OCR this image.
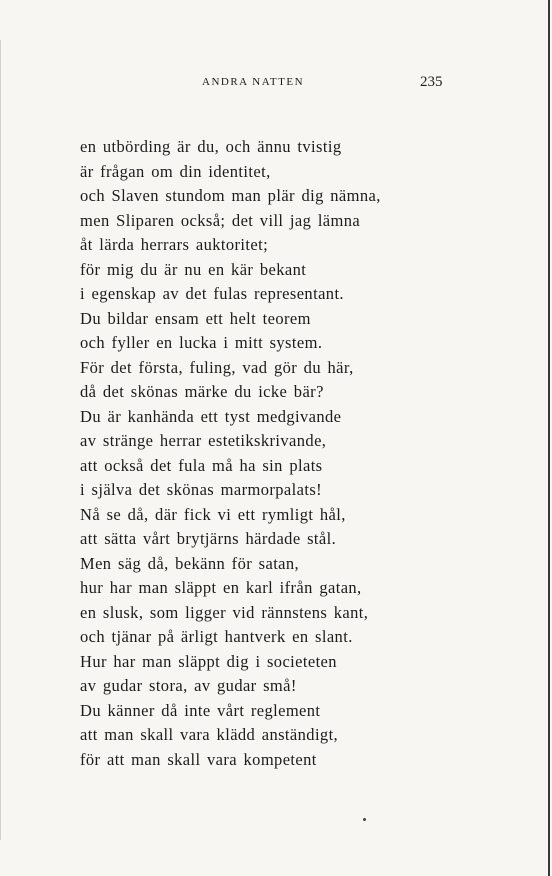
ANDRA NATTEN	235
en utbörding är du, och ännu tvistig
är frågan om din identitet,
och Slaven stundom man plär dig nämna,
men Sliparen också; det vill jag lämna
åt lärda herrars auktoritet;
för mig du är nu en kär bekant
i egenskap av det fulas representant.
Du bildar ensam ett helt teorem
och fyller en lucka i mitt system.
För det första, fuling, vad gör du här,
då det skönas märke du icke bär?
Du är kanhända ett tyst medgivande
av stränge herrar estetikskrivande,
att också det fula må ha sin plats
i själva det skönas marmorpalats!
Nå se då, där fick vi ett rymligt hål,
att sätta vårt brytjärns härdade stål.
Men säg då, bekänn för satan,
hur har man släppt en karl ifrån gatan,
en slusk, som ligger vid rännstens kant,
och tjänar på ärligt hantverk en slant.
Hur har man släppt dig i societeten
av gudar stora, av gudar små!
Du känner då inte vårt reglement
att man skall vara klädd anständigt,
för att man skall vara kompetent
